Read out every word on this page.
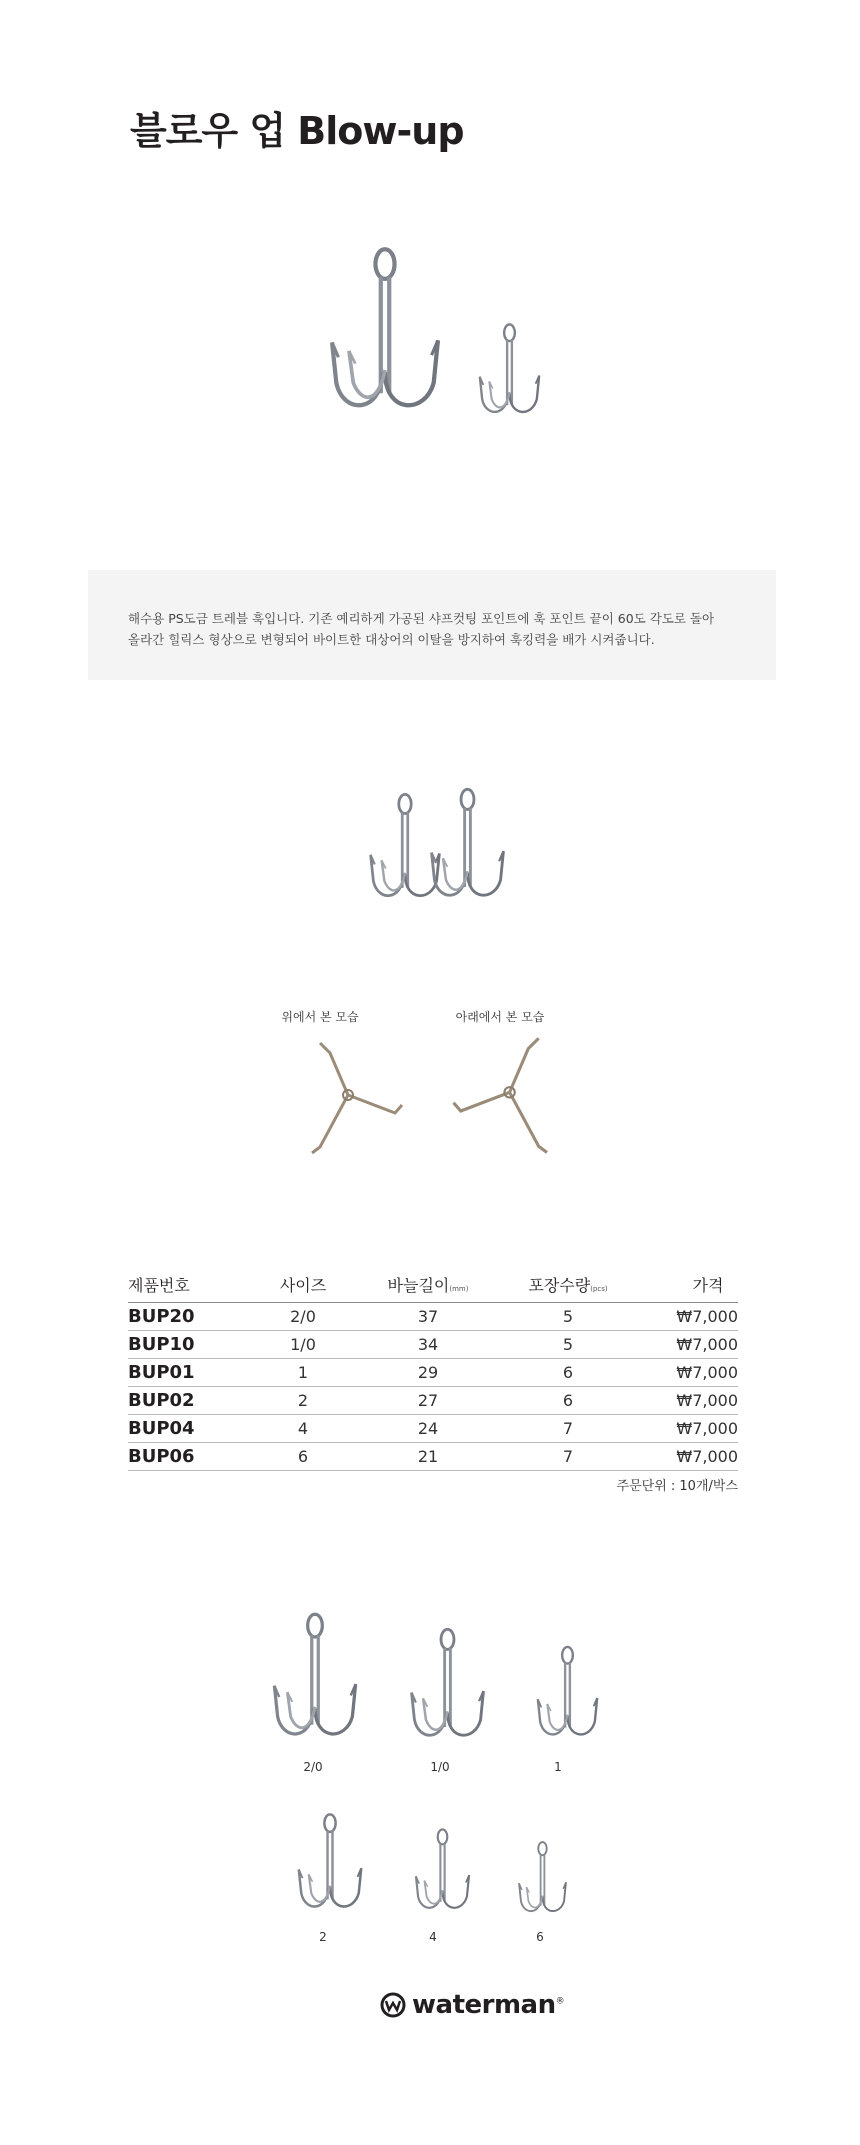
블로우 업 Blow-up
해수용 PS도금 트레블 훅입니다. 기존 예리하게 가공된 샤프컷팅 포인트에 훅 포인트 끝이 60도 각도로 돌아
올라간 힐릭스 형상으로 변형되어 바이트한 대상어의 이탈을 방지하여 훅킹력을 배가 시켜줍니다.
위에서 본 모습	아래에서 본 모습
제품번호	사이즈	바늘길이(mm)	포장수량(pcs)	가격
BUP20	2/0	37	5	₩7,000
BUP10	1/0	34	5	₩7,000
BUP01	1	29	6	₩7,000
BUP02	2	27	6	₩7,000
BUP04	4	24	7	₩7,000
BUP06	6	21	7	₩7,000
주문단위 : 10개/박스
2/0	1/0	1
2	4	6
waterman®
